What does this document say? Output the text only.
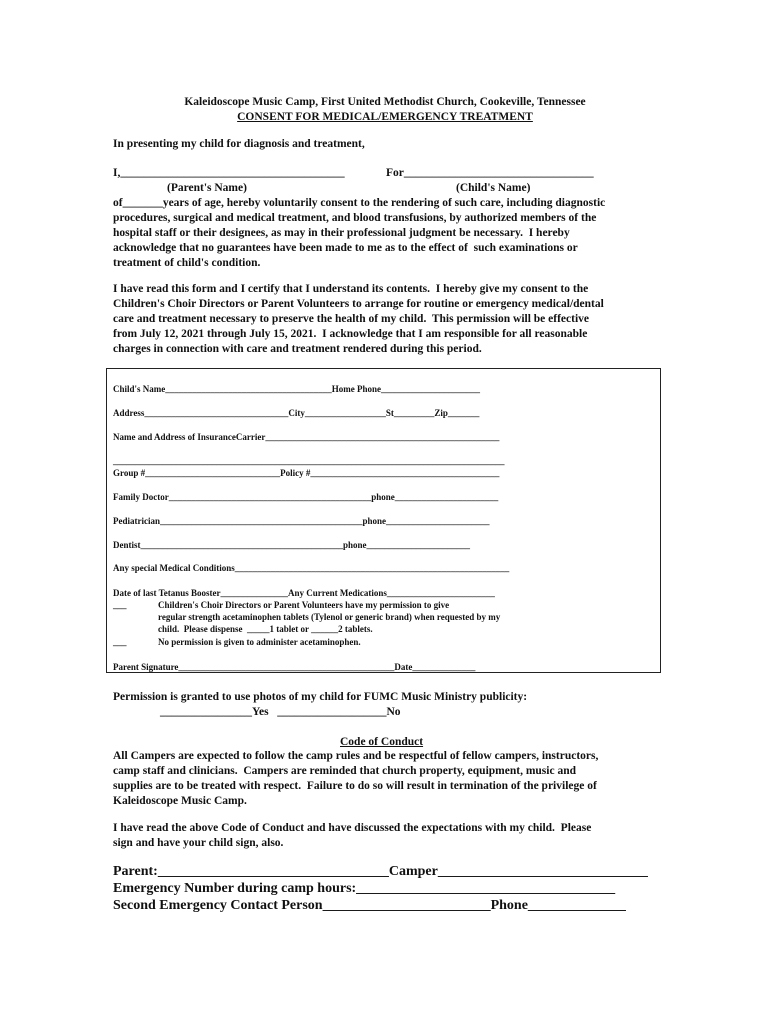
Kaleidoscope Music Camp, First United Methodist Church, Cookeville, Tennessee
CONSENT FOR MEDICAL/EMERGENCY TREATMENT
In presenting my child for diagnosis and treatment,
I,_______________________________________	For_________________________________
(Parent's Name)	(Child's Name)
of_______years of age, hereby voluntarily consent to the rendering of such care, including diagnostic
procedures, surgical and medical treatment, and blood transfusions, by authorized members of the
hospital staff or their designees, as may in their professional judgment be necessary.  I hereby
acknowledge that no guarantees have been made to me as to the effect of  such examinations or
treatment of child's condition.
I have read this form and I certify that I understand its contents.  I hereby give my consent to the
Children's Choir Directors or Parent Volunteers to arrange for routine or emergency medical/dental
care and treatment necessary to preserve the health of my child.  This permission will be effective
from July 12, 2021 through July 15, 2021.  I acknowledge that I am responsible for all reasonable
charges in connection with care and treatment rendered during this period.
Child's Name_____________________________________Home Phone______________________
Address________________________________City__________________St_________Zip_______
Name and Address of InsuranceCarrier____________________________________________________
_______________________________________________________________________________________
Group #______________________________Policy #__________________________________________
Family Doctor_____________________________________________phone_______________________
Pediatrician_____________________________________________phone_______________________
Dentist_____________________________________________phone_______________________
Any special Medical Conditions_____________________________________________________________
Date of last Tetanus Booster_______________Any Current Medications________________________
___	Children's Choir Directors or Parent Volunteers have my permission to give
regular strength acetaminophen tablets (Tylenol or generic brand) when requested by my
child.  Please dispense  _____1 tablet or ______2 tablets.
___	No permission is given to administer acetaminophen.
Parent Signature________________________________________________Date______________
Permission is granted to use photos of my child for FUMC Music Ministry publicity:
________________Yes   ___________________No
Code of Conduct
All Campers are expected to follow the camp rules and be respectful of fellow campers, instructors,
camp staff and clinicians.  Campers are reminded that church property, equipment, music and
supplies are to be treated with respect.  Failure to do so will result in termination of the privilege of
Kaleidoscope Music Camp.
I have read the above Code of Conduct and have discussed the expectations with my child.  Please
sign and have your child sign, also.
Parent:_________________________________Camper______________________________
Emergency Number during camp hours:_____________________________________
Second Emergency Contact Person________________________Phone______________
